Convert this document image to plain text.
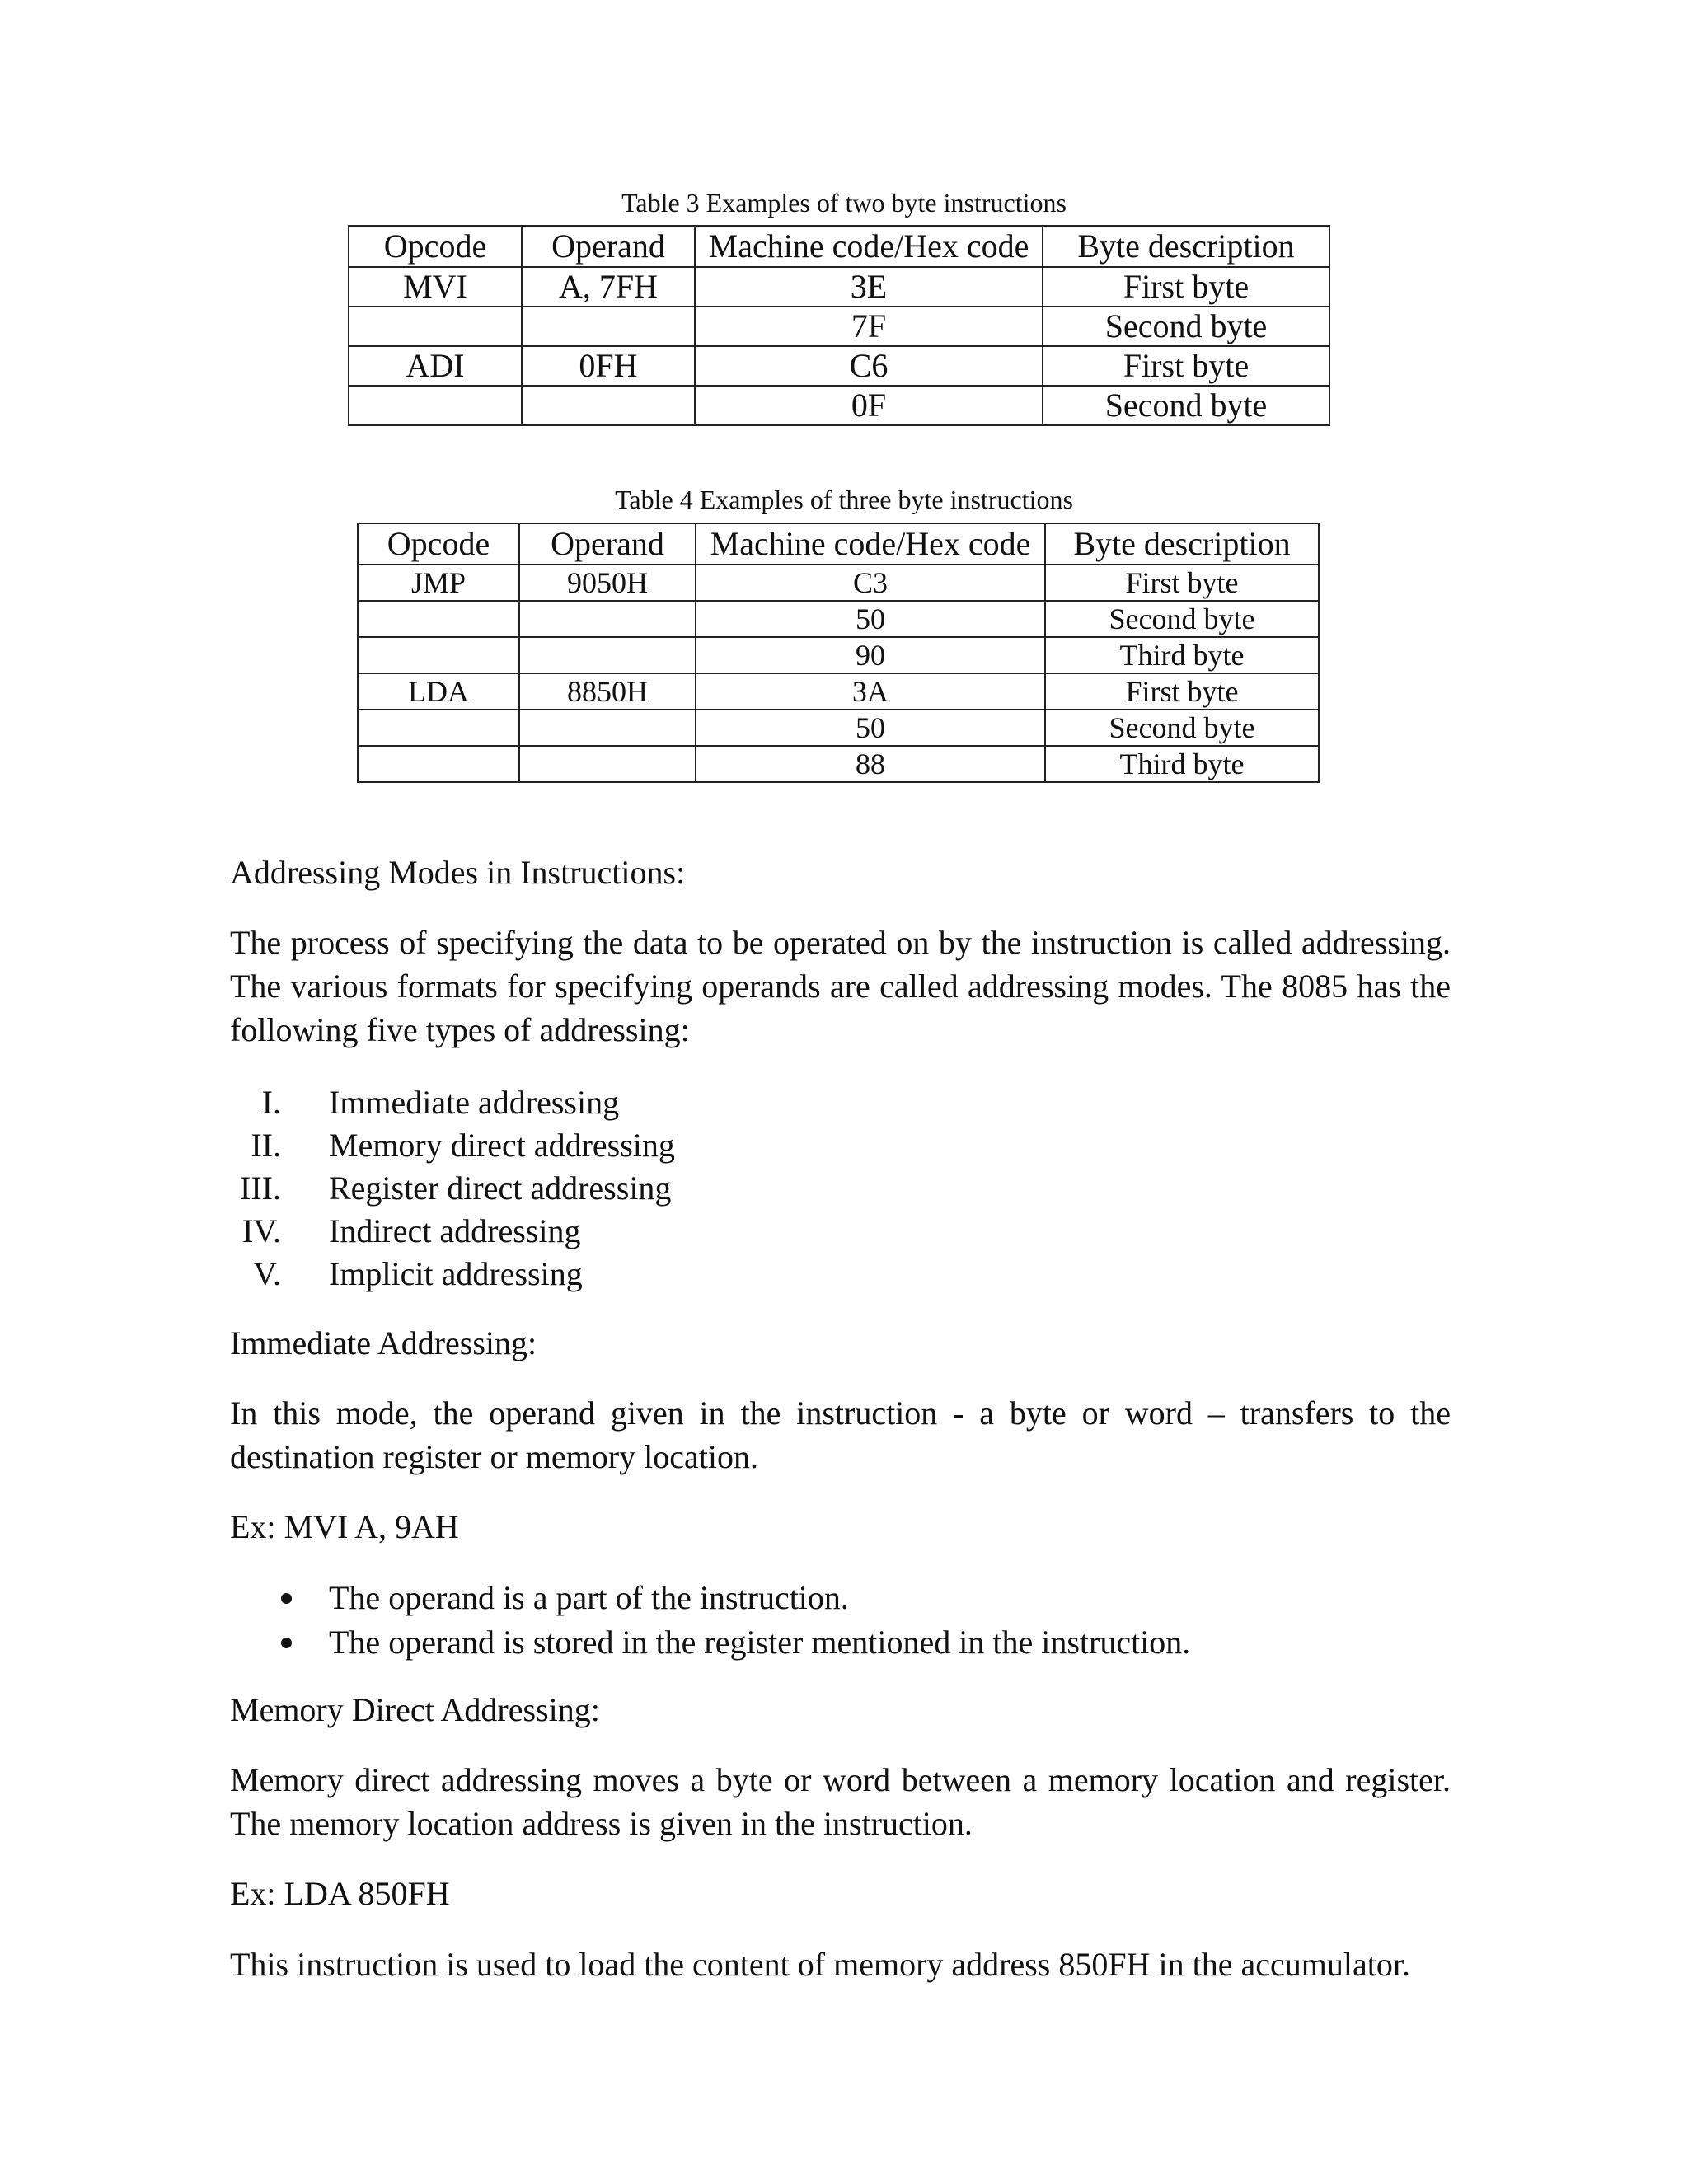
Table 3 Examples of two byte instructions
Opcode	Operand	Machine code/Hex code	Byte description
MVI	A, 7FH	3E	First byte
		7F	Second byte
ADI	0FH	C6	First byte
		0F	Second byte
Table 4 Examples of three byte instructions
Opcode	Operand	Machine code/Hex code	Byte description
JMP	9050H	C3	First byte
		50	Second byte
		90	Third byte
LDA	8850H	3A	First byte
		50	Second byte
		88	Third byte

Addressing Modes in Instructions:

The process of specifying the data to be operated on by the instruction is called addressing. The various formats for specifying operands are called addressing modes. The 8085 has the following five types of addressing:

I. Immediate addressing
II. Memory direct addressing
III. Register direct addressing
IV. Indirect addressing
V. Implicit addressing

Immediate Addressing:

In this mode, the operand given in the instruction - a byte or word – transfers to the destination register or memory location.

Ex: MVI A, 9AH

The operand is a part of the instruction.
The operand is stored in the register mentioned in the instruction.

Memory Direct Addressing:

Memory direct addressing moves a byte or word between a memory location and register. The memory location address is given in the instruction.

Ex: LDA 850FH

This instruction is used to load the content of memory address 850FH in the accumulator.
